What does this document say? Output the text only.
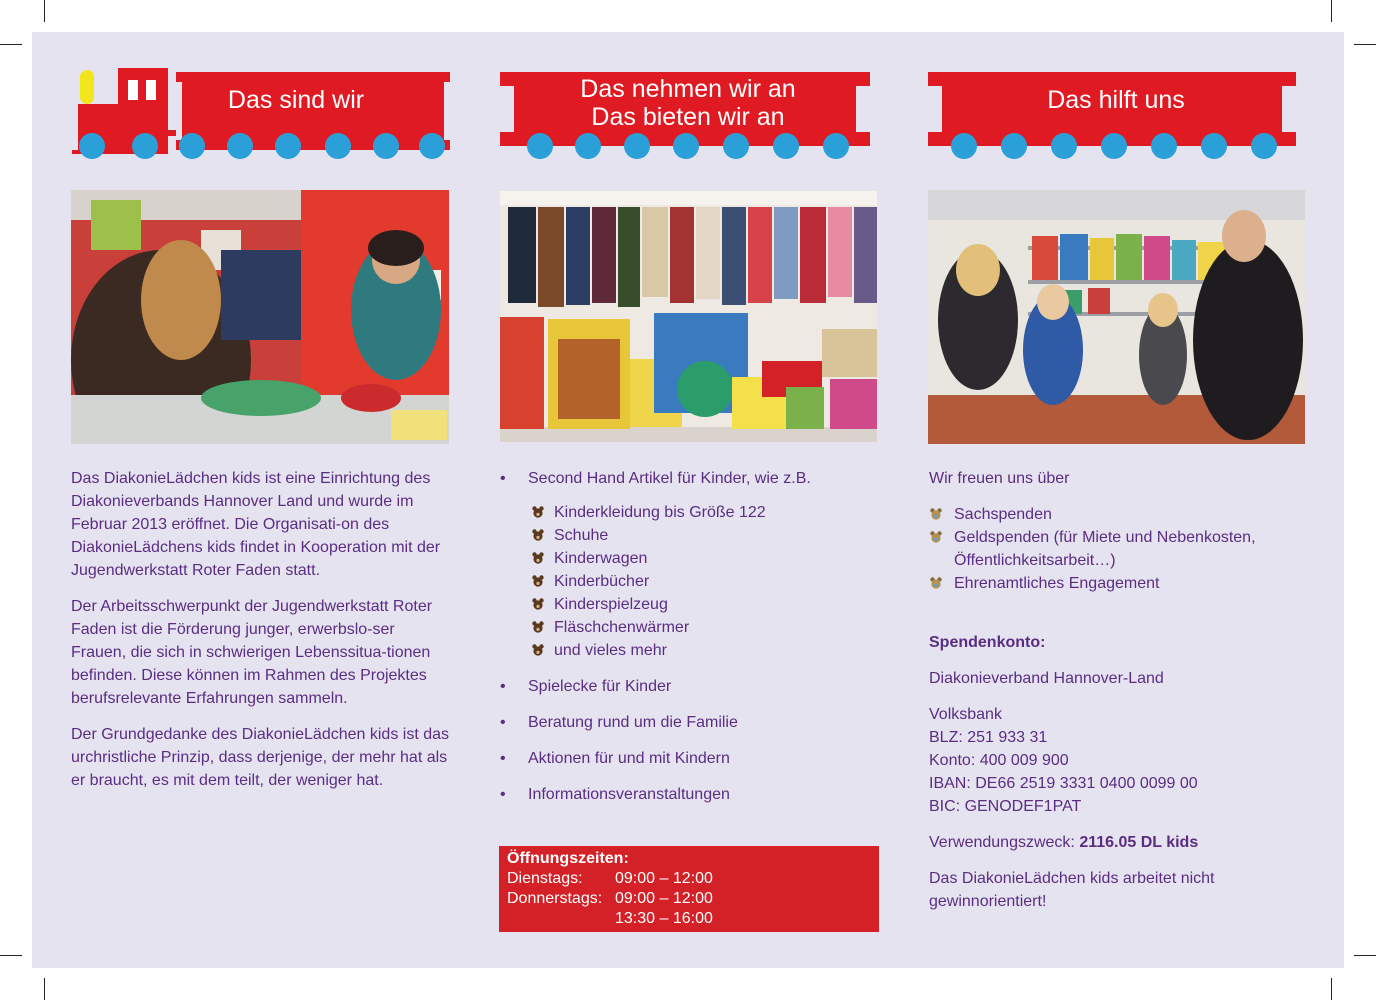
Das sind wir

Das DiakonieLädchen kids ist eine Einrichtung des Diakonieverbands Hannover Land und wurde im Februar 2013 eröffnet. Die Organisati-on des DiakonieLädchens kids findet in Kooperation mit der Jugendwerkstatt Roter Faden statt.

Der Arbeitsschwerpunkt der Jugendwerkstatt Roter Faden ist die Förderung junger, erwerbslo-ser Frauen, die sich in schwierigen Lebenssitua-tionen befinden. Diese können im Rahmen des Projektes berufsrelevante Erfahrungen sammeln.

Der Grundgedanke des DiakonieLädchen kids ist das urchristliche Prinzip, dass derjenige, der mehr hat als er braucht, es mit dem teilt, der weniger hat.

Das nehmen wir an
Das bieten wir an
• Second Hand Artikel für Kinder, wie z.B.
Kinderkleidung bis Größe 122
Schuhe
Kinderwagen
Kinderbücher
Kinderspielzeug
Fläschchenwärmer
und vieles mehr
• Spielecke für Kinder
• Beratung rund um die Familie
• Aktionen für und mit Kindern
• Informationsveranstaltungen
Öffnungszeiten:
Dienstags:	09:00 – 12:00
Donnerstags: 09:00 – 12:00
13:30 – 16:00
Das hilft uns

Wir freuen uns über

Sachspenden
Geldspenden (für Miete und Nebenkosten, Öffentlichkeitsarbeit…)
Ehrenamtliches Engagement

Spendenkonto:

Diakonieverband Hannover-Land

Volksbank
BLZ: 251 933 31
Konto: 400 009 900
IBAN: DE66 2519 3331 0400 0099 00
BIC: GENODEF1PAT

Verwendungszweck: 2116.05 DL kids

Das DiakonieLädchen kids arbeitet nicht gewinnorientiert!
